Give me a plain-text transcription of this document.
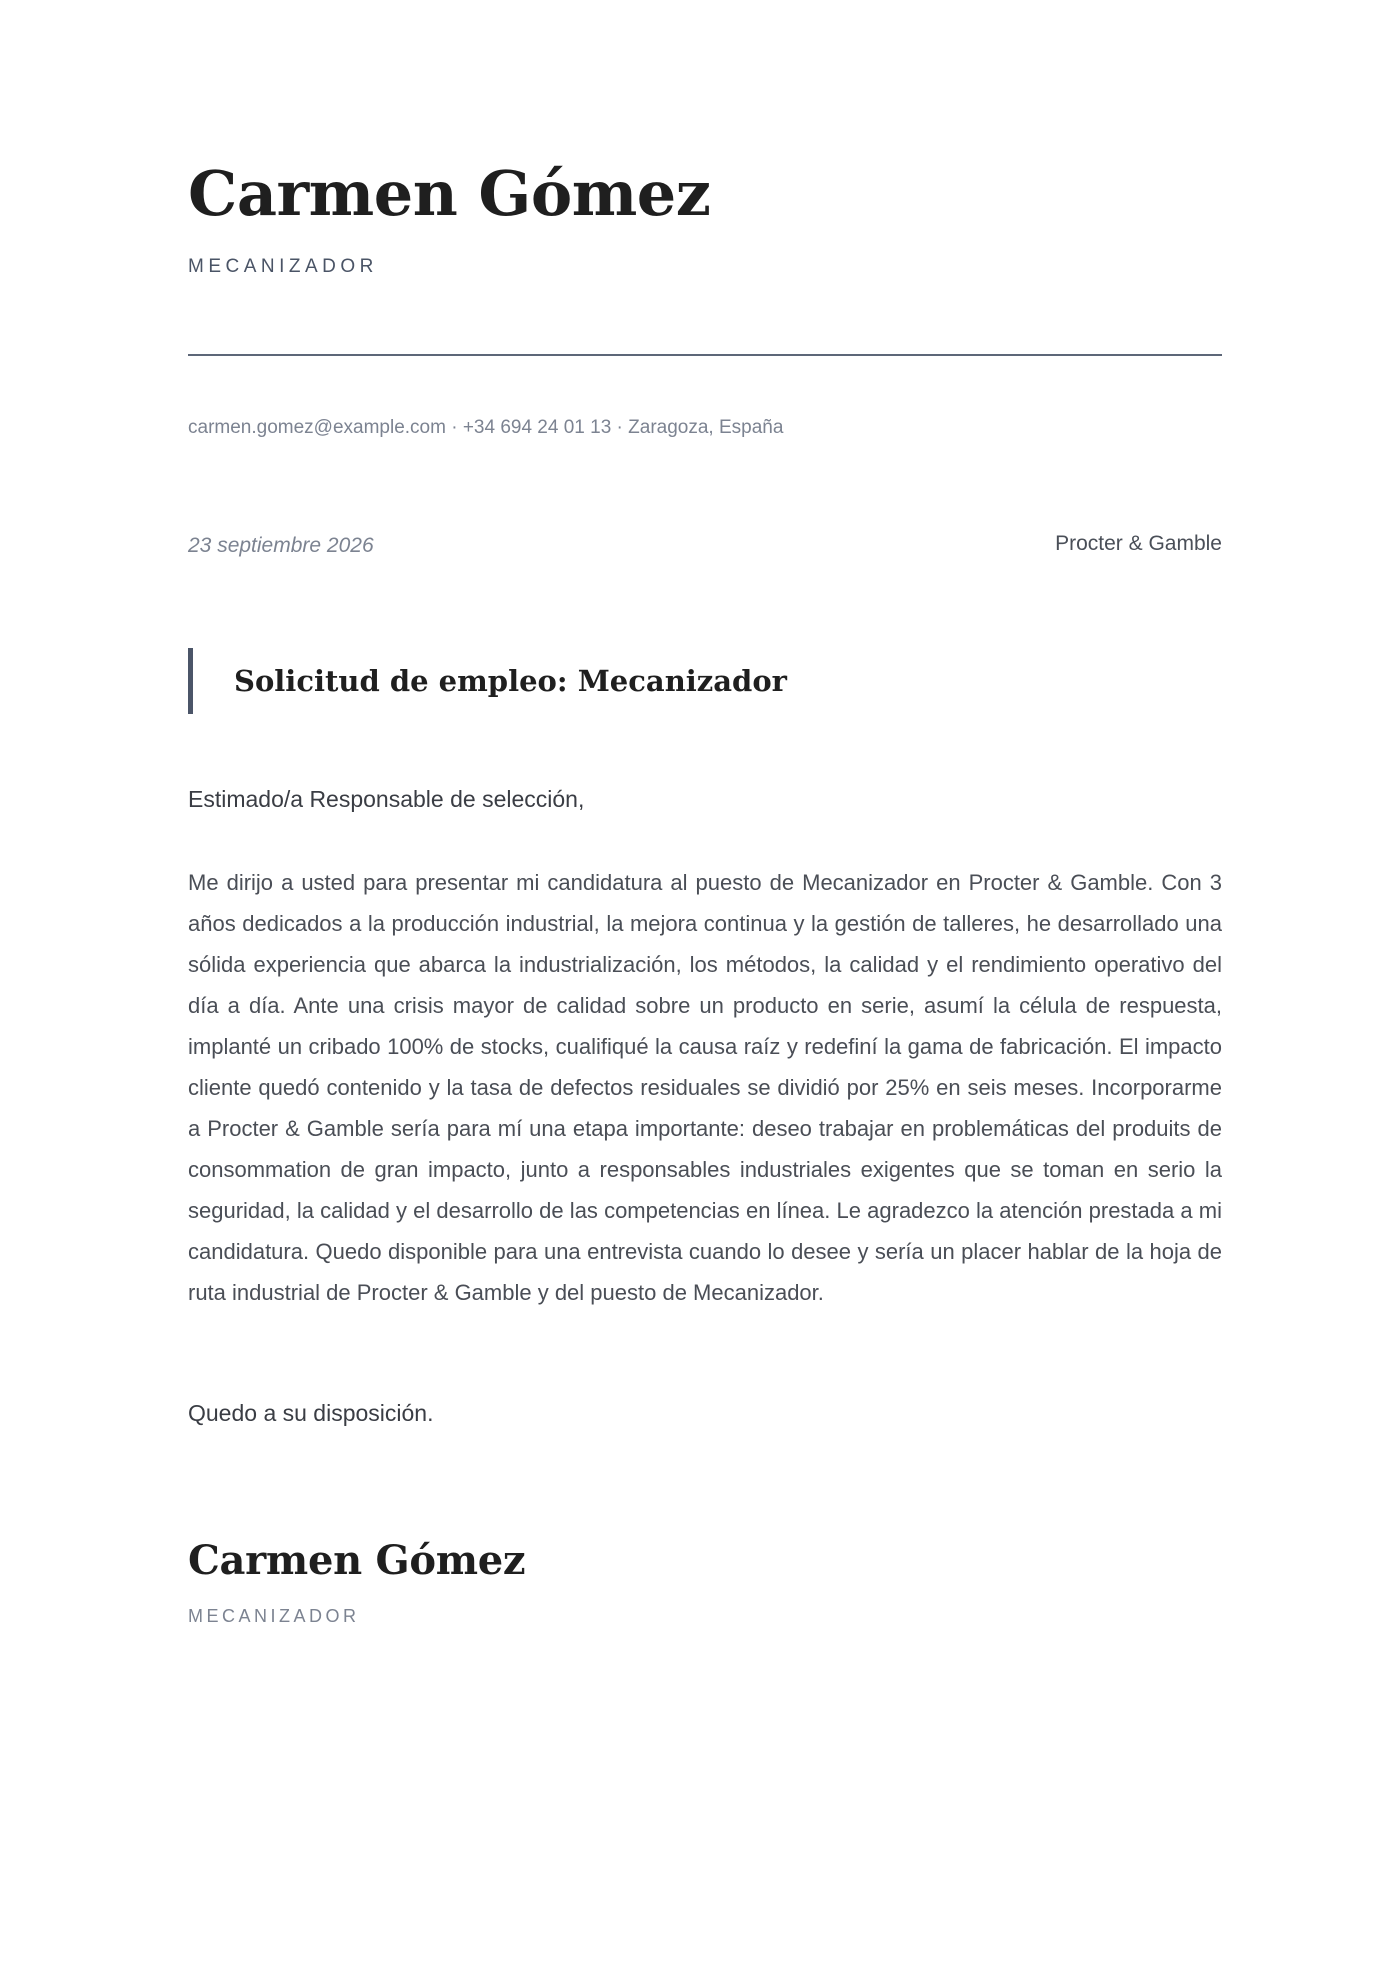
Carmen Gómez
MECANIZADOR
carmen.gomez@example.com · +34 694 24 01 13 · Zaragoza, España
23 septiembre 2026	Procter & Gamble
Solicitud de empleo: Mecanizador
Estimado/a Responsable de selección,

Me dirijo a usted para presentar mi candidatura al puesto de Mecanizador en Procter & Gamble. Con 3 años dedicados a la producción industrial, la mejora continua y la gestión de talleres, he desarrollado una sólida experiencia que abarca la industrialización, los métodos, la calidad y el rendimiento operativo del día a día. Ante una crisis mayor de calidad sobre un producto en serie, asumí la célula de respuesta, implanté un cribado 100% de stocks, cualifiqué la causa raíz y redefiní la gama de fabricación. El impacto cliente quedó contenido y la tasa de defectos residuales se dividió por 25% en seis meses. Incorporarme a Procter & Gamble sería para mí una etapa importante: deseo trabajar en problemáticas del produits de consommation de gran impacto, junto a responsables industriales exigentes que se toman en serio la seguridad, la calidad y el desarrollo de las competencias en línea. Le agradezco la atención prestada a mi candidatura. Quedo disponible para una entrevista cuando lo desee y sería un placer hablar de la hoja de ruta industrial de Procter & Gamble y del puesto de Mecanizador.

Quedo a su disposición.
Carmen Gómez
MECANIZADOR
